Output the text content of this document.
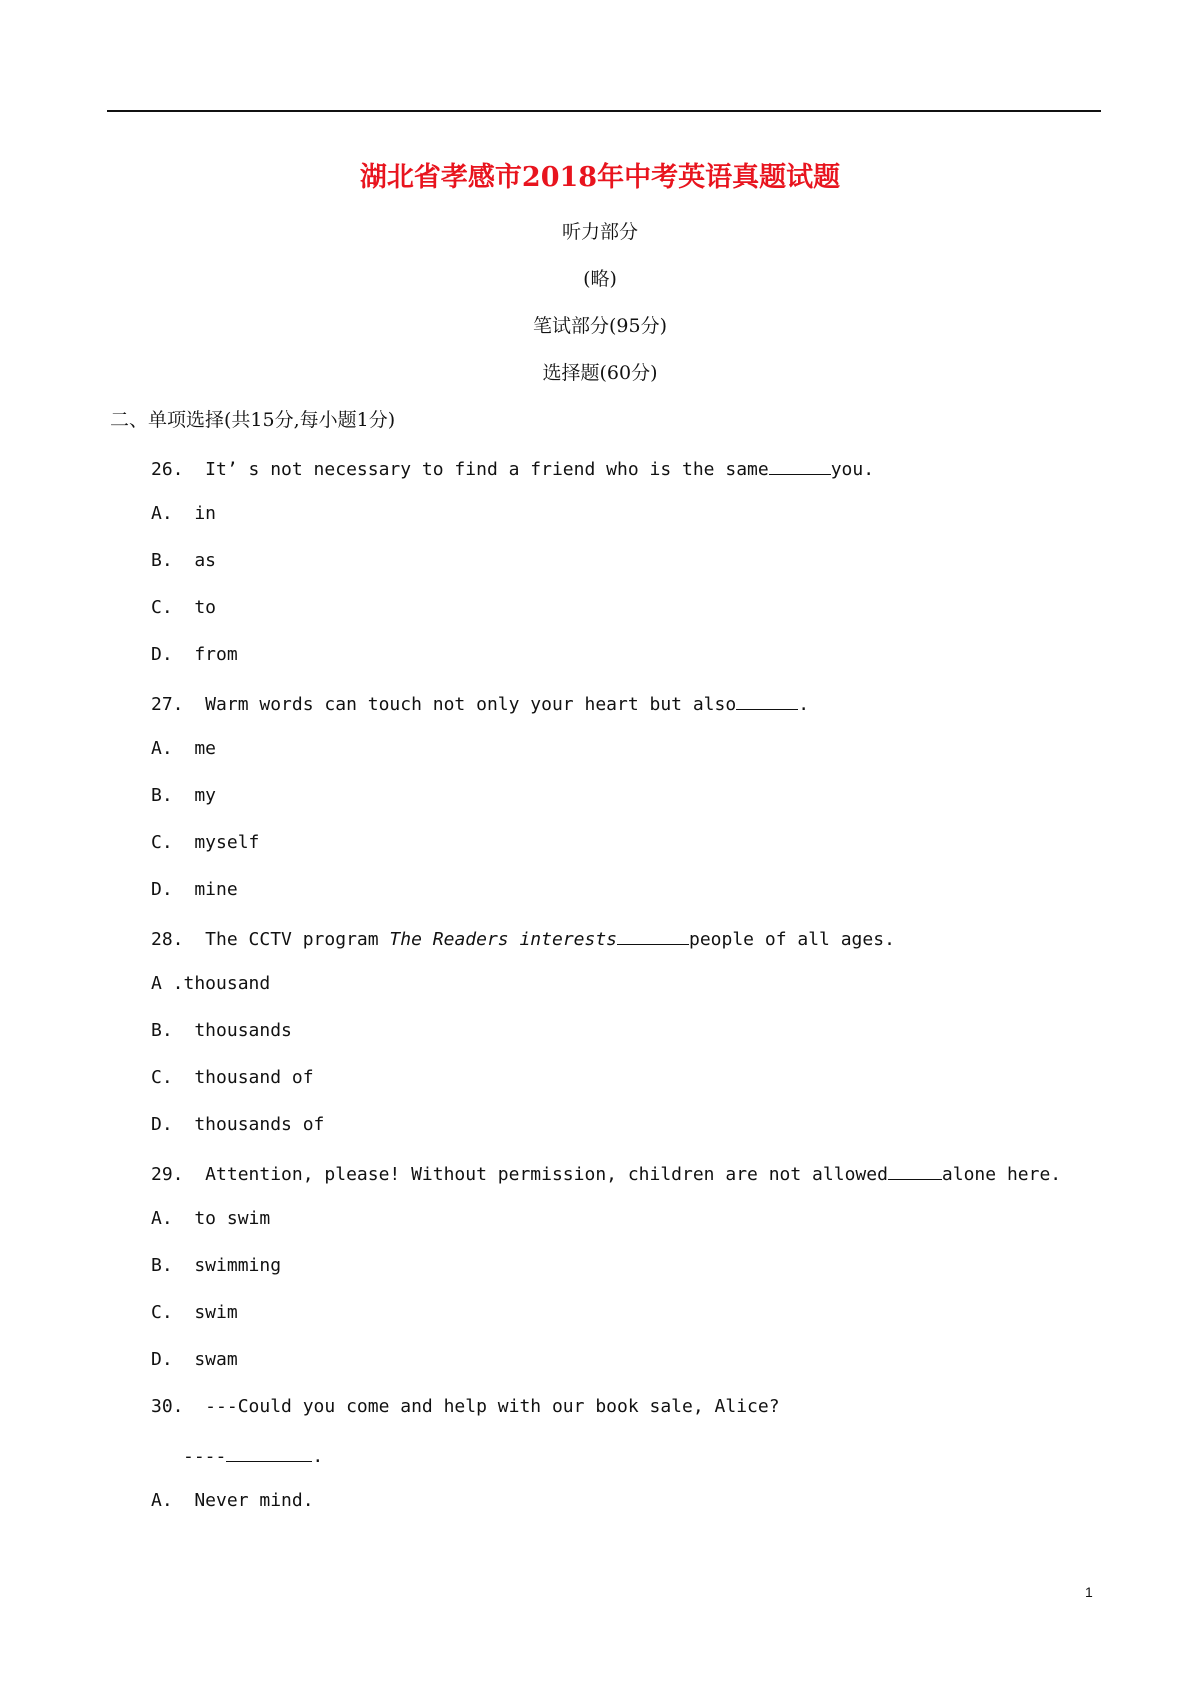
湖北省孝感市2018年中考英语真题试题
听力部分
(略)
笔试部分(95分)
选择题(60分)
二、单项选择(共15分,每小题1分)
26.  It’ s not necessary to find a friend who is the same	you.
A.  in
B.  as
C.  to
D.  from
27.  Warm words can touch not only your heart but also	.
A.  me
B.  my
C.  myself
D.  mine
28.  The CCTV program The Readers interests	people of all ages.
A .thousand
B.  thousands
C.  thousand of
D.  thousands of
29.  Attention, please! Without permission, children are not allowed	alone here.
A.  to swim
B.  swimming
C.  swim
D.  swam
30.  ---Could you come and help with our book sale, Alice?
----	.
A.  Never mind.
1
